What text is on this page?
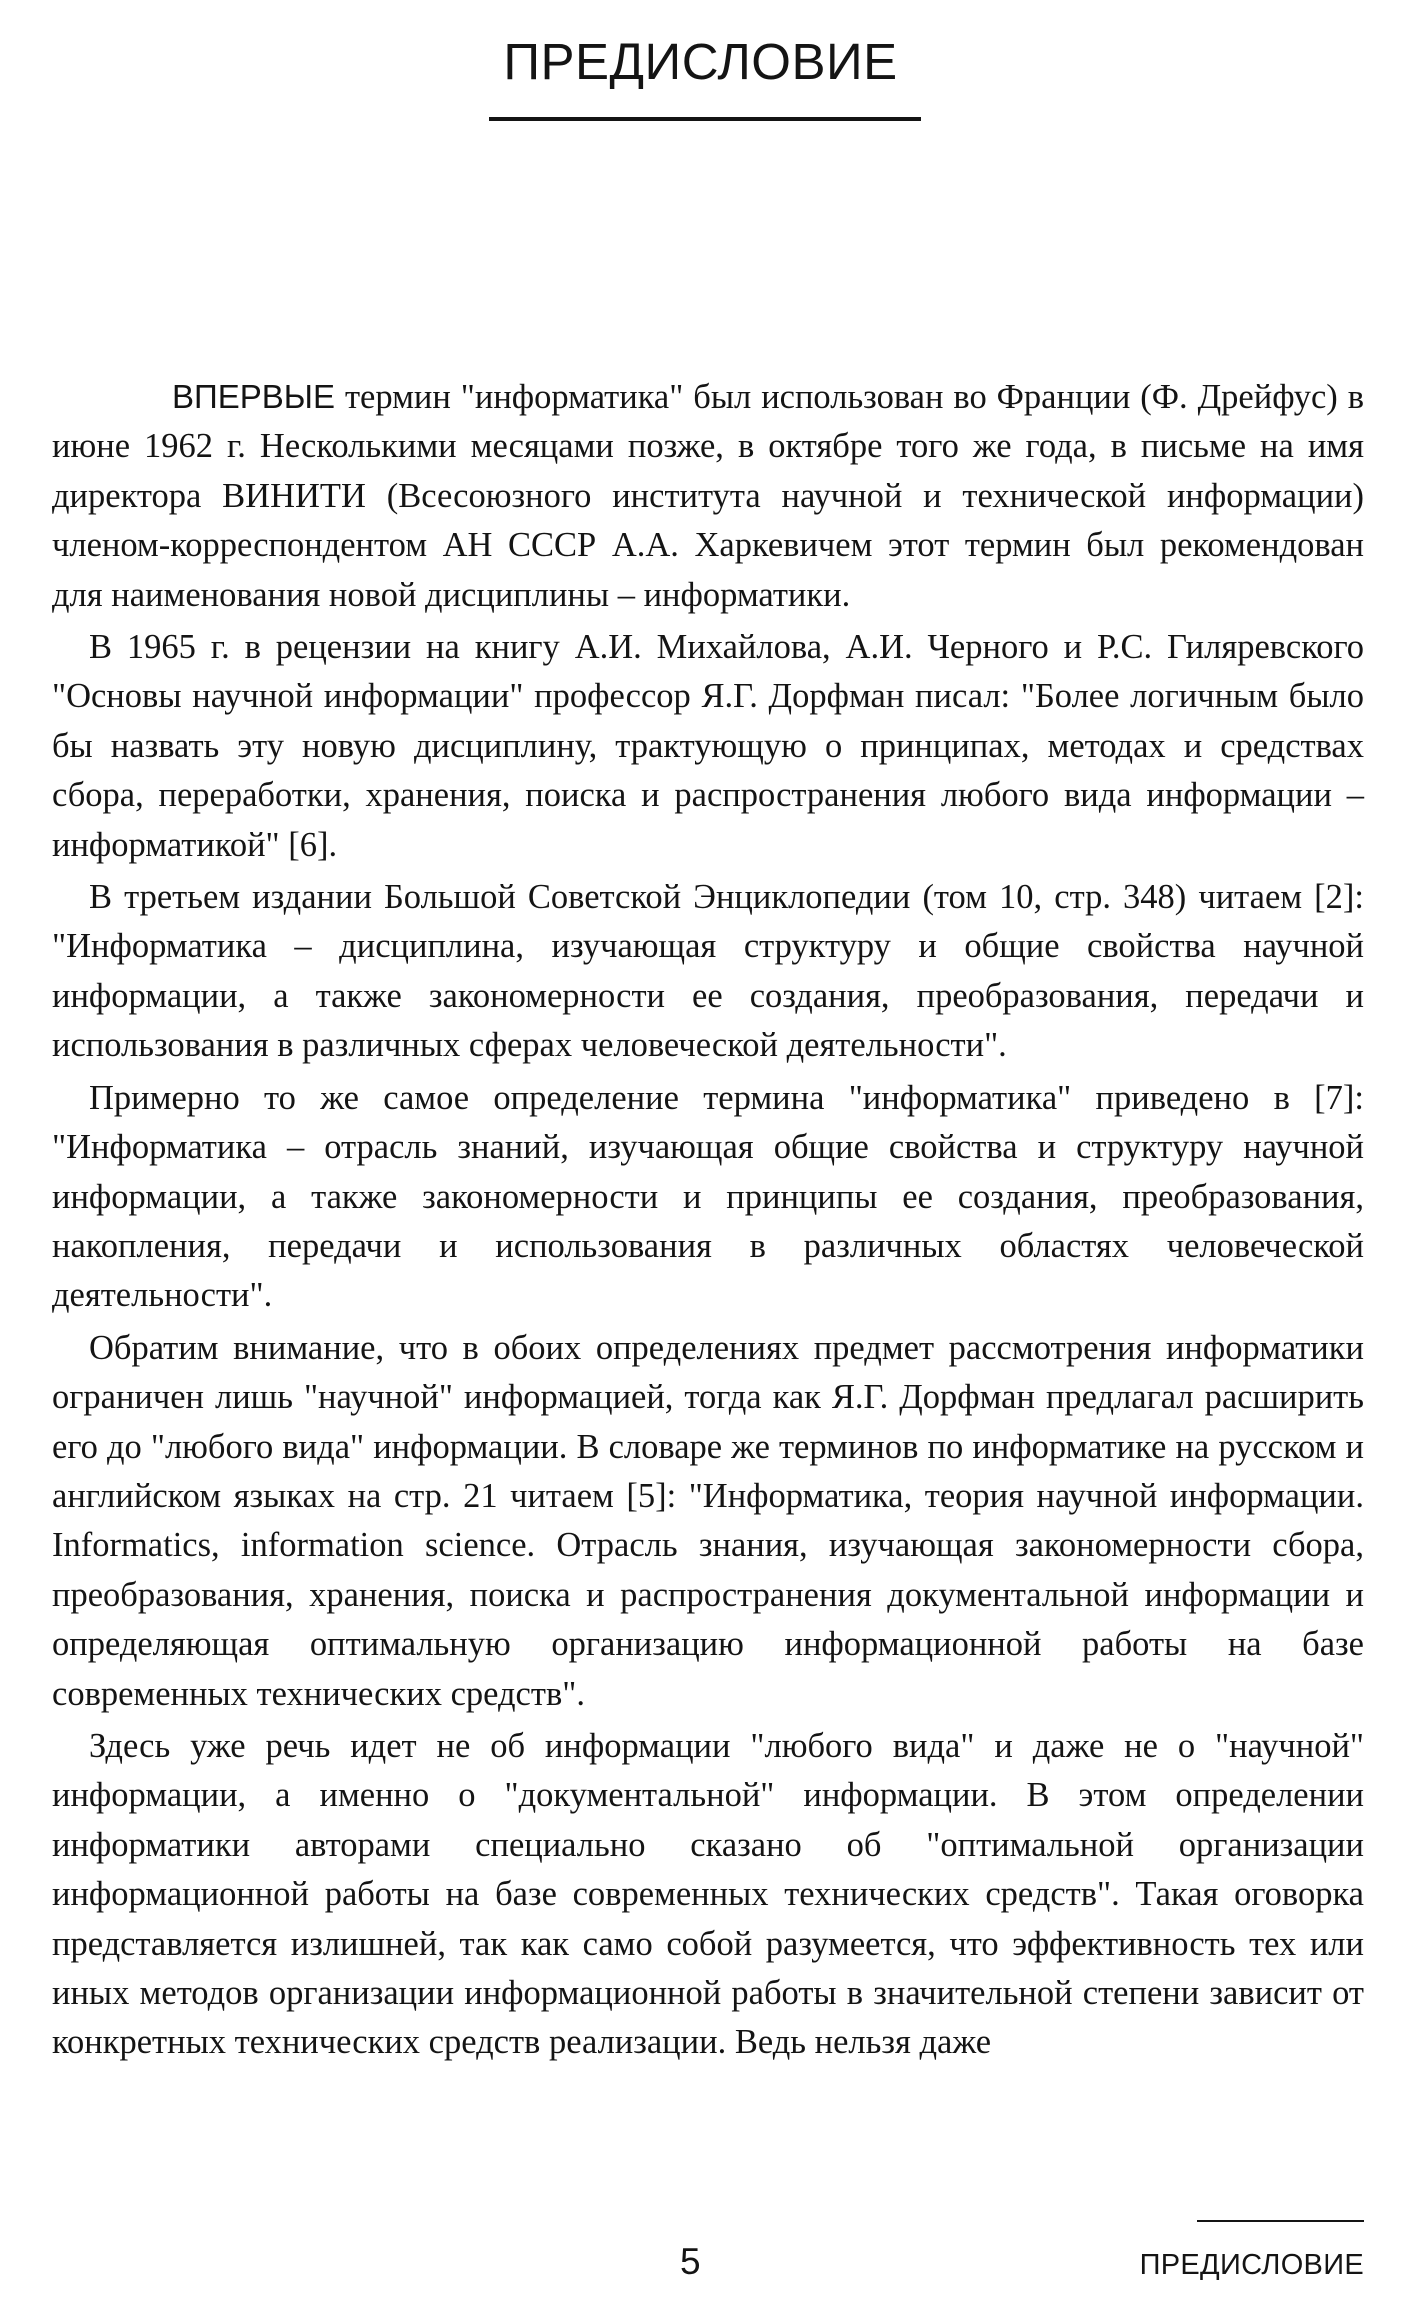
ПРЕДИСЛОВИЕ

ВПЕРВЫЕ термин "информатика" был использован во Франции (Ф. Дрейфус) в июне 1962 г. Несколькими месяцами позже, в октябре того же года, в письме на имя директора ВИНИТИ (Всесоюзного института научной и технической информации) членом-корреспондентом АН СССР А.А. Харкевичем этот термин был рекомендован для наименования новой дисциплины – информатики.

В 1965 г. в рецензии на книгу А.И. Михайлова, А.И. Черного и Р.С. Гиляревского "Основы научной информации" профессор Я.Г. Дорфман писал: "Более логичным было бы назвать эту новую дисциплину, трактующую о принципах, методах и средствах сбора, переработки, хранения, поиска и распространения любого вида информации – информатикой" [6].

В третьем издании Большой Советской Энциклопедии (том 10, стр. 348) читаем [2]: "Информатика – дисциплина, изучающая структуру и общие свойства научной информации, а также закономерности ее создания, преобразования, передачи и использования в различных сферах человеческой деятельности".

Примерно то же самое определение термина "информатика" приведено в [7]: "Информатика – отрасль знаний, изучающая общие свойства и структуру научной информации, а также закономерности и принципы ее создания, преобразования, накопления, передачи и использования в различных областях человеческой деятельности".

Обратим внимание, что в обоих определениях предмет рассмотрения информатики ограничен лишь "научной" информацией, тогда как Я.Г. Дорфман предлагал расширить его до "любого вида" информации. В словаре же терминов по информатике на русском и английском языках на стр. 21 читаем [5]: "Информатика, теория научной информации. Informatics, information science. Отрасль знания, изучающая закономерности сбора, преобразования, хранения, поиска и распространения документальной информации и определяющая оптимальную организацию информационной работы на базе современных технических средств".

Здесь уже речь идет не об информации "любого вида" и даже не о "научной" информации, а именно о "документальной" информации. В этом определении информатики авторами специально сказано об "оптимальной организации информационной работы на базе современных технических средств". Такая оговорка представляется излишней, так как само собой разумеется, что эффективность тех или иных методов организации информационной работы в значительной степени зависит от конкретных технических средств реализации. Ведь нельзя даже

5	ПРЕДИСЛОВИЕ
